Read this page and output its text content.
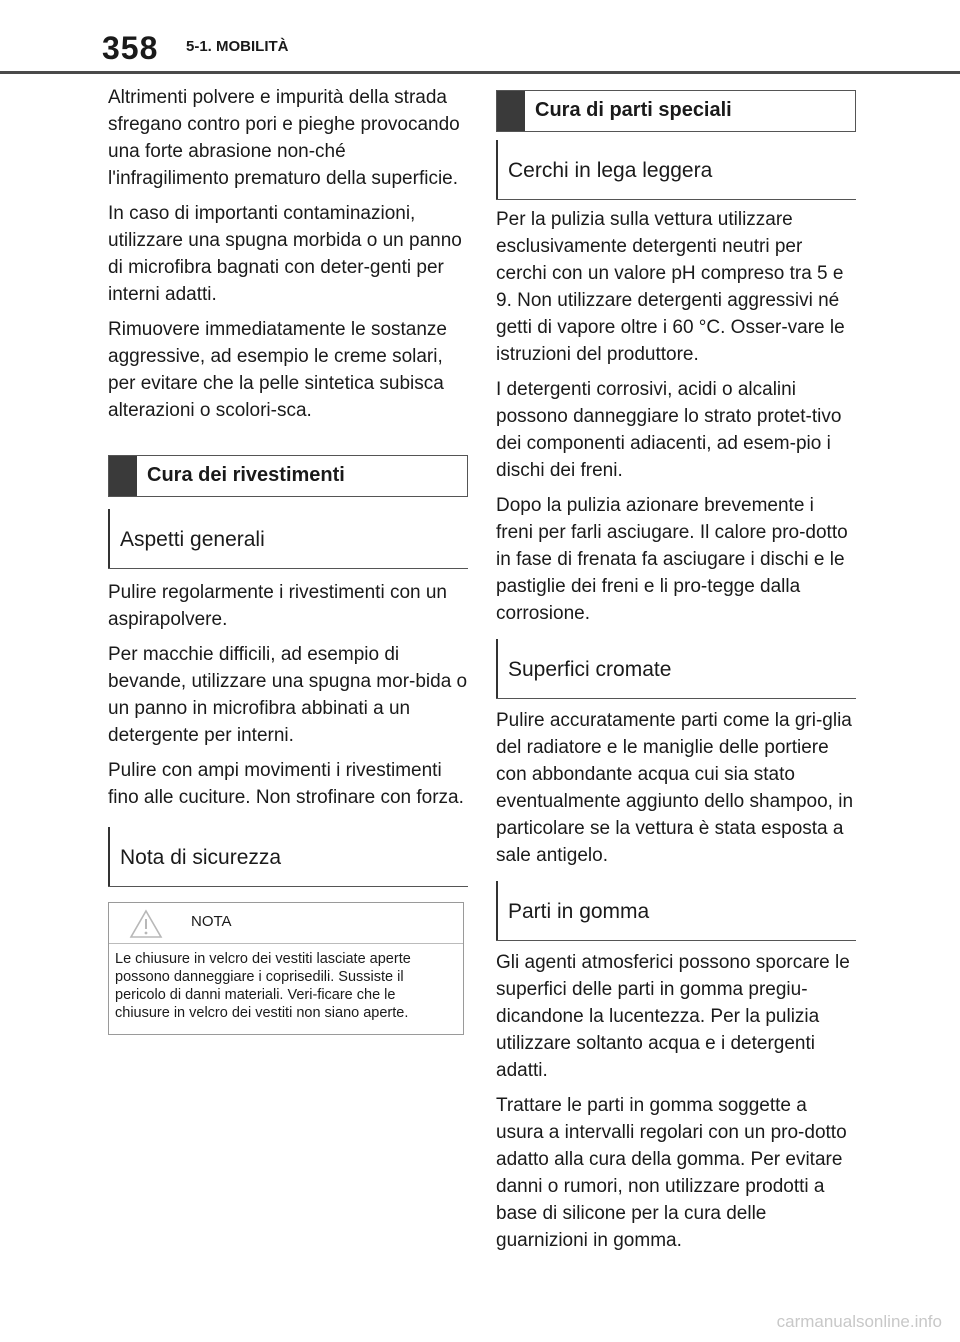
358 5-1. MOBILITÀ

Altrimenti polvere e impurità della strada sfregano contro pori e pieghe provocando una forte abrasione non-ché l'infragilimento prematuro della superficie.

In caso di importanti contaminazioni, utilizzare una spugna morbida o un panno di microfibra bagnati con deter-genti per interni adatti.

Rimuovere immediatamente le sostanze aggressive, ad esempio le creme solari, per evitare che la pelle sintetica subisca alterazioni o scolori-sca.

Cura dei rivestimenti
Aspetti generali

Pulire regolarmente i rivestimenti con un aspirapolvere.

Per macchie difficili, ad esempio di bevande, utilizzare una spugna mor-bida o un panno in microfibra abbinati a un detergente per interni.

Pulire con ampi movimenti i rivestimenti fino alle cuciture. Non strofinare con forza.

Nota di sicurezza
NOTA
Le chiusure in velcro dei vestiti lasciate aperte possono danneggiare i coprisedili. Sussiste il pericolo di danni materiali. Veri-ficare che le chiusure in velcro dei vestiti non siano aperte.
Cura di parti speciali
Cerchi in lega leggera

Per la pulizia sulla vettura utilizzare esclusivamente detergenti neutri per cerchi con un valore pH compreso tra 5 e 9. Non utilizzare detergenti aggressivi né getti di vapore oltre i 60 °C. Osser-vare le istruzioni del produttore.

I detergenti corrosivi, acidi o alcalini possono danneggiare lo strato protet-tivo dei componenti adiacenti, ad esem-pio i dischi dei freni.

Dopo la pulizia azionare brevemente i freni per farli asciugare. Il calore pro-dotto in fase di frenata fa asciugare i dischi e le pastiglie dei freni e li pro-tegge dalla corrosione.

Superfici cromate

Pulire accuratamente parti come la gri-glia del radiatore e le maniglie delle portiere con abbondante acqua cui sia stato eventualmente aggiunto dello shampoo, in particolare se la vettura è stata esposta a sale antigelo.

Parti in gomma

Gli agenti atmosferici possono sporcare le superfici delle parti in gomma pregiu-dicandone la lucentezza. Per la pulizia utilizzare soltanto acqua e i detergenti adatti.

Trattare le parti in gomma soggette a usura a intervalli regolari con un pro-dotto adatto alla cura della gomma. Per evitare danni o rumori, non utilizzare prodotti a base di silicone per la cura delle guarnizioni in gomma.

carmanualsonline.info
